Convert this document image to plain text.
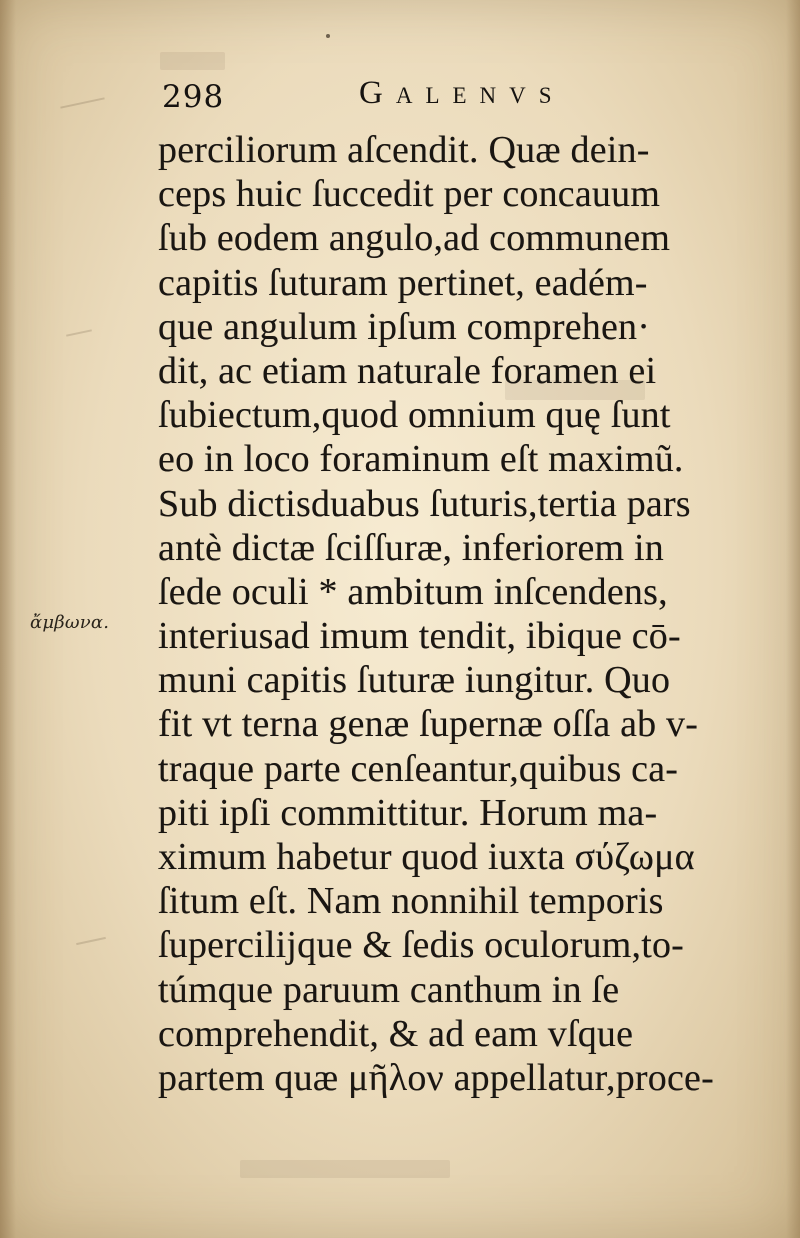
298	Galenvs
ἄμβωνα.
perciliorum aſcendit. Quæ dein-
ceps huic ſuccedit per concauum
ſub eodem angulo,ad communem
capitis ſuturam pertinet, eadém-
que angulum ipſum comprehen·
dit, ac etiam naturale foramen ei
ſubiectum,quod omnium quę ſunt
eo in loco foraminum eſt maximũ.
Sub dictisduabus ſuturis,tertia pars
antè dictæ ſciſſuræ, inferiorem in
ſede oculi * ambitum inſcendens,
interiusad imum tendit, ibique cō-
muni capitis ſuturæ iungitur. Quo
fit vt terna genæ ſupernæ oſſa ab v-
traque parte cenſeantur,quibus ca-
piti ipſi committitur. Horum ma-
ximum habetur quod iuxta σύζωμα
ſitum eſt. Nam nonnihil temporis
ſupercilijque & ſedis oculorum,to-
túmque paruum canthum in ſe
comprehendit, & ad eam vſque
partem quæ μῆλον appellatur,proce-
